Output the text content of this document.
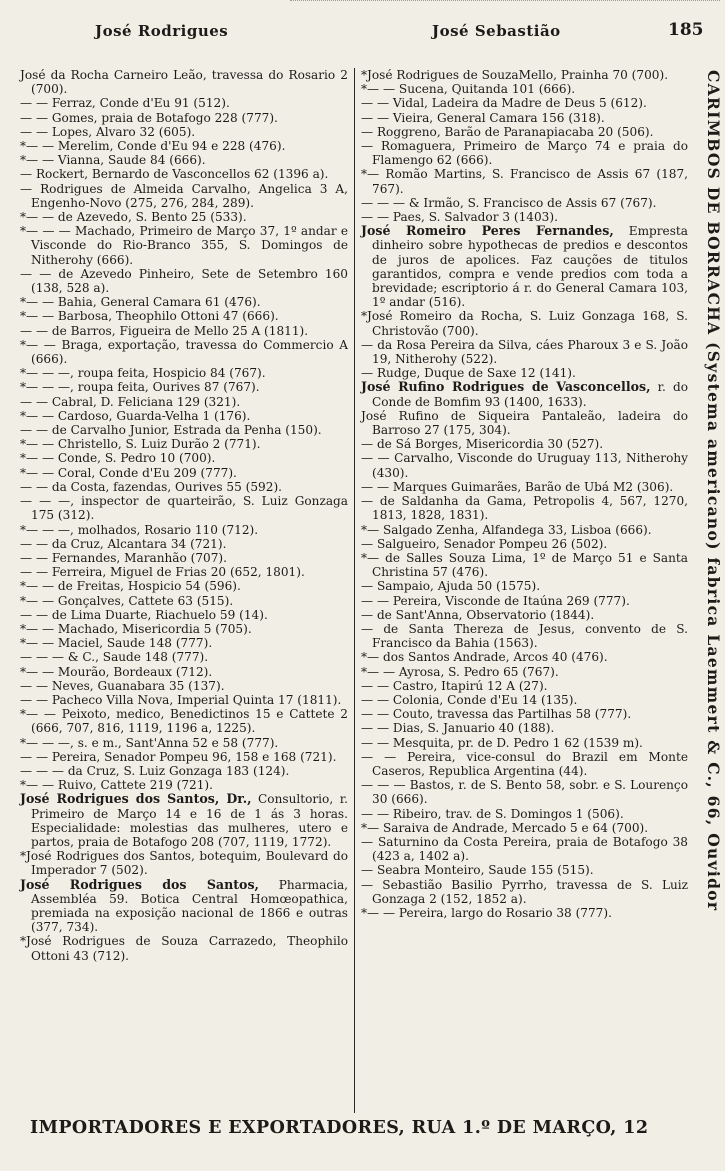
José Rodrigues	José Sebastião	185

José da Rocha Carneiro Leão, travessa do Rosario 2 (700).

— — Ferraz, Conde d'Eu 91 (512).

— — Gomes, praia de Botafogo 228 (777).

— — Lopes, Alvaro 32 (605).

*— — Merelim, Conde d'Eu 94 e 228 (476).

*— — Vianna, Saude 84 (666).

— Rockert, Bernardo de Vasconcellos 62 (1396 a).

— Rodrigues de Almeida Carvalho, Angelica 3 A, Engenho-Novo (275, 276, 284, 289).

*— — de Azevedo, S. Bento 25 (533).

*— — — Machado, Primeiro de Março 37, 1º andar e Visconde do Rio-Branco 355, S. Domingos de Nitherohy (666).

— — de Azevedo Pinheiro, Sete de Setembro 160 (138, 528 a).

*— — Bahia, General Camara 61 (476).

*— — Barbosa, Theophilo Ottoni 47 (666).

— — de Barros, Figueira de Mello 25 A (1811).

*— — Braga, exportação, travessa do Commercio A (666).

*— — —, roupa feita, Hospicio 84 (767).

*— — —, roupa feita, Ourives 87 (767).

— — Cabral, D. Feliciana 129 (321).

*— — Cardoso, Guarda-Velha 1 (176).

— — de Carvalho Junior, Estrada da Penha (150).

*— — Christello, S. Luiz Durão 2 (771).

*— — Conde, S. Pedro 10 (700).

*— — Coral, Conde d'Eu 209 (777).

— — da Costa, fazendas, Ourives 55 (592).

— — —, inspector de quarteirão, S. Luiz Gonzaga 175 (312).

*— — —, molhados, Rosario 110 (712).

— — da Cruz, Alcantara 34 (721).

— — Fernandes, Maranhão (707).

— — Ferreira, Miguel de Frias 20 (652, 1801).

*— — de Freitas, Hospicio 54 (596).

*— — Gonçalves, Cattete 63 (515).

— — de Lima Duarte, Riachuelo 59 (14).

*— — Machado, Misericordia 5 (705).

*— — Maciel, Saude 148 (777).

— — — & C., Saude 148 (777).

*— — Mourão, Bordeaux (712).

— — Neves, Guanabara 35 (137).

— — Pacheco Villa Nova, Imperial Quinta 17 (1811).

*— — Peixoto, medico, Benedictinos 15 e Cattete 2 (666, 707, 816, 1119, 1196 a, 1225).

*— — —, s. e m., Sant'Anna 52 e 58 (777).

— — Pereira, Senador Pompeu 96, 158 e 168 (721).

— — — da Cruz, S. Luiz Gonzaga 183 (124).

*— — Ruivo, Cattete 219 (721).

José Rodrigues dos Santos, Dr., Consultorio, r. Primeiro de Março 14 e 16 de 1 ás 3 horas. Especialidade: molestias das mulheres, utero e partos, praia de Botafogo 208 (707, 1119, 1772).

*José Rodrigues dos Santos, botequim, Boulevard do Imperador 7 (502).

José Rodrigues dos Santos, Pharmacia, Assembléa 59. Botica Central Homœopathica, premiada na exposição nacional de 1866 e outras (377, 734).

*José Rodrigues de Souza Carrazedo, Theophilo Ottoni 43 (712).

*José Rodrigues de SouzaMello, Prainha 70 (700).

*— — Sucena, Quitanda 101 (666).

— — Vidal, Ladeira da Madre de Deus 5 (612).

— — Vieira, General Camara 156 (318).

— Roggreno, Barão de Paranapiacaba 20 (506).

— Romaguera, Primeiro de Março 74 e praia do Flamengo 62 (666).

*— Romão Martins, S. Francisco de Assis 67 (187, 767).

— — — & Irmão, S. Francisco de Assis 67 (767).

— — Paes, S. Salvador 3 (1403).

José Romeiro Peres Fernandes, Empresta dinheiro sobre hypothecas de predios e descontos de juros de apolices. Faz cauções de titulos garantidos, compra e vende predios com toda a brevidade; escriptorio á r. do General Camara 103, 1º andar (516).

*José Romeiro da Rocha, S. Luiz Gonzaga 168, S. Christovão (700).

— da Rosa Pereira da Silva, cáes Pharoux 3 e S. João 19, Nitherohy (522).

— Rudge, Duque de Saxe 12 (141).

José Rufino Rodrigues de Vasconcellos, r. do Conde de Bomfim 93 (1400, 1633).

José Rufino de Siqueira Pantaleão, ladeira do Barroso 27 (175, 304).

— de Sá Borges, Misericordia 30 (527).

— — Carvalho, Visconde do Uruguay 113, Nitherohy (430).

— — Marques Guimarães, Barão de Ubá M2 (306).

— de Saldanha da Gama, Petropolis 4, 567, 1270, 1813, 1828, 1831).

*— Salgado Zenha, Alfandega 33, Lisboa (666).

— Salgueiro, Senador Pompeu 26 (502).

*— de Salles Souza Lima, 1º de Março 51 e Santa Christina 57 (476).

— Sampaio, Ajuda 50 (1575).

— — Pereira, Visconde de Itaúna 269 (777).

— de Sant'Anna, Observatorio (1844).

— de Santa Thereza de Jesus, convento de S. Francisco da Bahia (1563).

*— dos Santos Andrade, Arcos 40 (476).

*— — Ayrosa, S. Pedro 65 (767).

— — Castro, Itapirú 12 A (27).

— — Colonia, Conde d'Eu 14 (135).

— — Couto, travessa das Partilhas 58 (777).

— — Dias, S. Januario 40 (188).

— — Mesquita, pr. de D. Pedro 1 62 (1539 m).

— — Pereira, vice-consul do Brazil em Monte Caseros, Republica Argentina (44).

— — — Bastos, r. de S. Bento 58, sobr. e S. Lourenço 30 (666).

— — Ribeiro, trav. de S. Domingos 1 (506).

*— Saraiva de Andrade, Mercado 5 e 64 (700).

— Saturnino da Costa Pereira, praia de Botafogo 38 (423 a, 1402 a).

— Seabra Monteiro, Saude 155 (515).

— Sebastião Basilio Pyrrho, travessa de S. Luiz Gonzaga 2 (152, 1852 a).

*— — Pereira, largo do Rosario 38 (777).

CARIMBOS DE BORRACHA (Systema americano) fabrica Laemmert & C., 66, Ouvidor
IMPORTADORES E EXPORTADORES, RUA 1.º DE MARÇO, 12
